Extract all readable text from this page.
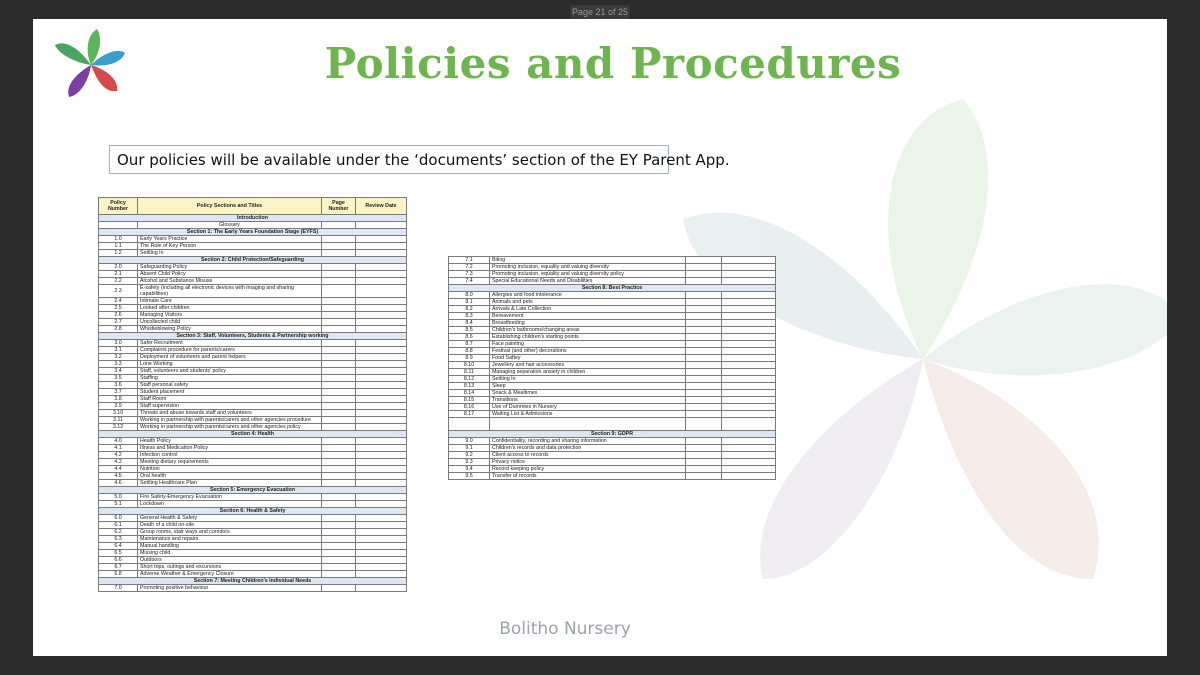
Page 21 of 25
Policies and Procedures
Our policies will be available under the ‘documents’ section of the EY Parent App.
Policy Number	Policy Sections and Titles	Page Number	Review Date
Introduction			
	Glossary		
Section 1: The Early Years Foundation Stage (EYFS)			
1.0	Early Years Practice		
1.1	The Role of Key Person		
1.2	Settling In		
Section 2: Child Protection/Safeguarding			
2.0	Safeguarding Policy		
2.1	Absent Child Policy		
2.2	Alcohol and Substance Misuse		
2.3	E-safety (including all electronic devices with imaging and sharing capabilities)		
2.4	Intimate Care		
2.5	Looked after children		
2.6	Managing Visitors		
2.7	Uncollected child		
2.8	Whistleblowing Policy		
Section 3: Staff, Volunteers, Students & Partnership working			
3.0	Safer Recruitment		
3.1	Complaints procedure for parents/carers		
3.2	Deployment of volunteers and parent helpers		
3.3	Lone Working		
3.4	Staff, volunteers and students' policy		
3.5	Staffing		
3.6	Staff personal safety		
3.7	Student placement		
3.8	Staff Room		
3.9	Staff supervision		
3.10	Threats and abuse towards staff and volunteers		
3.11	Working in partnership with parents/carers and other agencies procedure		
3.12	Working in partnership with parents/carers and other agencies policy		
Section 4: Health			
4.0	Health Policy		
4.1	Illness and Medication Policy		
4.2	Infection control		
4.3	Meeting dietary requirements		
4.4	Nutrition		
4.5	Oral health		
4.6	Settling Healthcare Plan		
Section 5: Emergency Evacuation			
5.0	Fire Safety-Emergency Evacuation		
5.1	Lockdown		
Section 6: Health & Safety			
6.0	General Health & Safety		
6.1	Death of a child on-site		
6.2	Group rooms, stair ways and corridors		
6.3	Maintenance and repairs		
6.4	Manual handling		
6.5	Missing child		
6.6	Outdoors		
6.7	Short trips, outings and excursions		
6.8	Adverse Weather & Emergency Closure		
Section 7: Meeting Children's Individual Needs			
7.0	Promoting positive behaviour		
7.1	Biting		
7.2	Promoting inclusion, equality and valuing diversity		
7.3	Promoting inclusion, equality and valuing diversity policy		
7.4	Special Educational Needs and Disabilities		
Section 8: Best Practice			
8.0	Allergies and food intolerance		
8.1	Animals and pets		
8.2	Arrivals & Late Collection		
8.3	Bereavement		
8.4	Breastfeeding		
8.5	Children's bathrooms/changing areas		
8.6	Establishing children's starting points		
8.7	Face painting		
8.8	Festival (and other) decorations		
8.9	Food Saftey		
8.10	Jewellery and hair accessories		
8.11	Managing separation anxiety in children		
8.12	Settling In		
8.13	Sleep		
8.14	Snack & Mealtimes		
8.15	Transitions		
8.16	Use of Dummies in Nursery		
8.17	Waiting List & Admissions		

Section 9: GDPR			
9.0	Confidentiality, recording and sharing information		
9.1	Children's records and data protection		
9.2	Client access to records		
9.3	Privacy notice		
9.4	Record keeping policy		
9.5	Transfer of records		
Bolitho Nursery
